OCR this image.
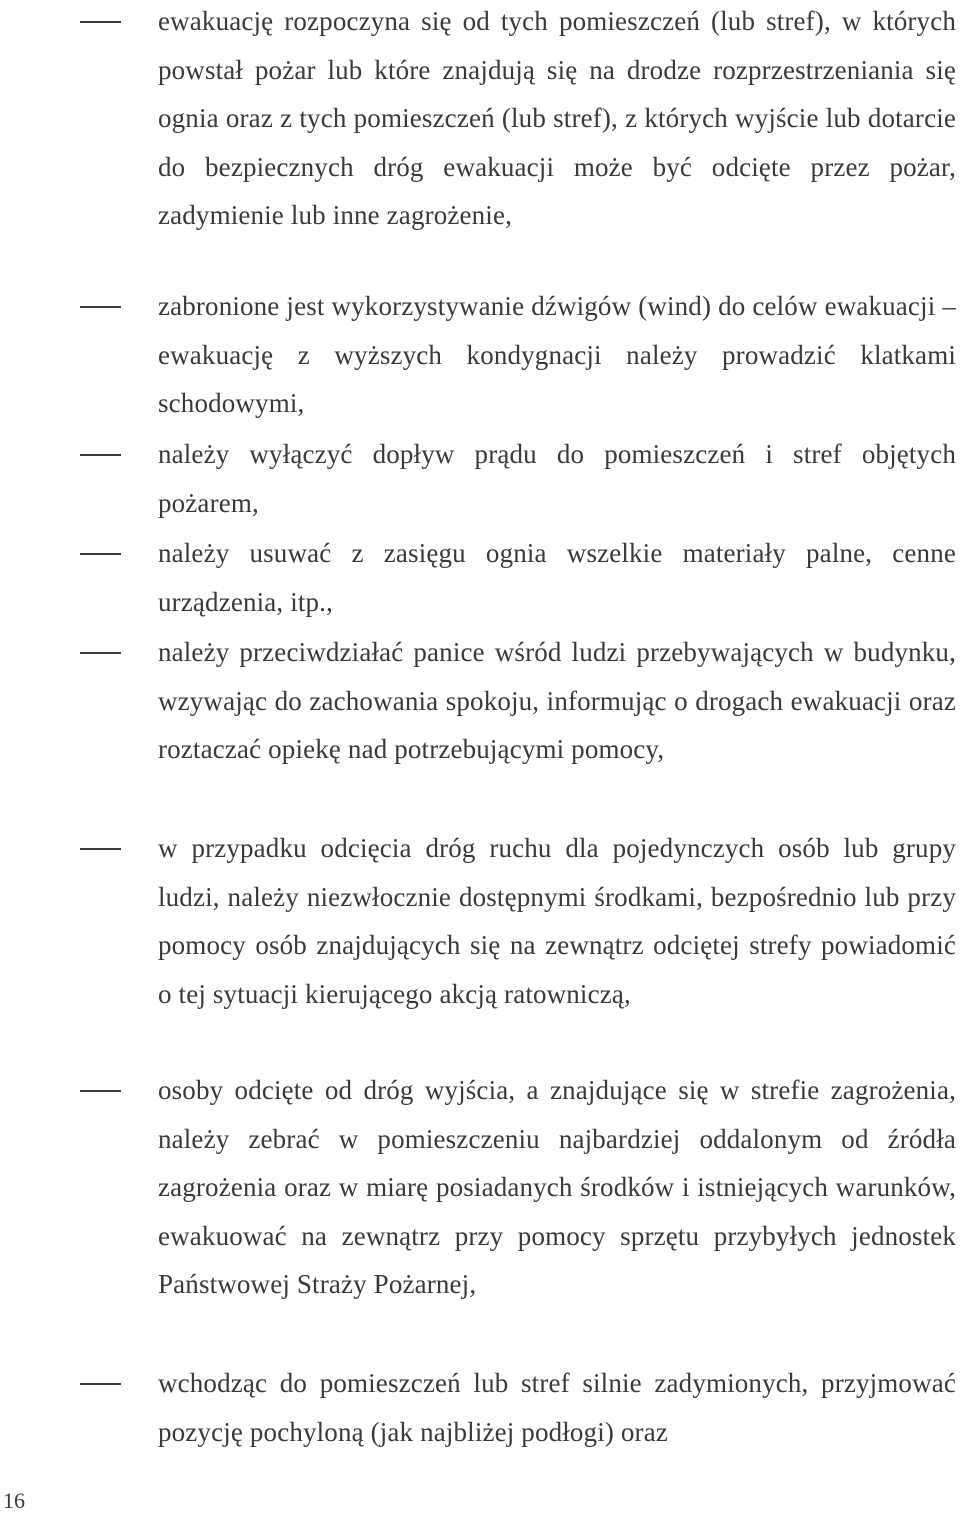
ewakuację rozpoczyna się od tych pomieszczeń (lub stref), w których powstał pożar lub które znajdują się na drodze rozprzestrzeniania się ognia oraz z tych pomieszczeń (lub stref), z których wyjście lub dotarcie do bezpiecznych dróg ewakuacji może być odcięte przez pożar, zadymienie lub inne zagrożenie,
zabronione jest wykorzystywanie dźwigów (wind) do celów ewakuacji – ewakuację z wyższych kondygnacji należy prowadzić klatkami schodowymi,
należy wyłączyć dopływ prądu do pomieszczeń i stref objętych pożarem,
należy usuwać z zasięgu ognia wszelkie materiały palne, cenne urządzenia, itp.,
należy przeciwdziałać panice wśród ludzi przebywających w budynku, wzywając do zachowania spokoju, informując o drogach ewakuacji oraz roztaczać opiekę nad potrzebującymi pomocy,
w przypadku odcięcia dróg ruchu dla pojedynczych osób lub grupy ludzi, należy niezwłocznie dostępnymi środkami, bezpośrednio lub przy pomocy osób znajdujących się na zewnątrz odciętej strefy powiadomić o tej sytuacji kierującego akcją ratowniczą,
osoby odcięte od dróg wyjścia, a znajdujące się w strefie zagrożenia, należy zebrać w pomieszczeniu najbardziej oddalonym od źródła zagrożenia oraz w miarę posiadanych środków i istniejących warunków, ewakuować na zewnątrz przy pomocy sprzętu przybyłych jednostek Państwowej Straży Pożarnej,
wchodząc do pomieszczeń lub stref silnie zadymionych, przyjmować pozycję pochyloną (jak najbliżej podłogi) oraz
16
